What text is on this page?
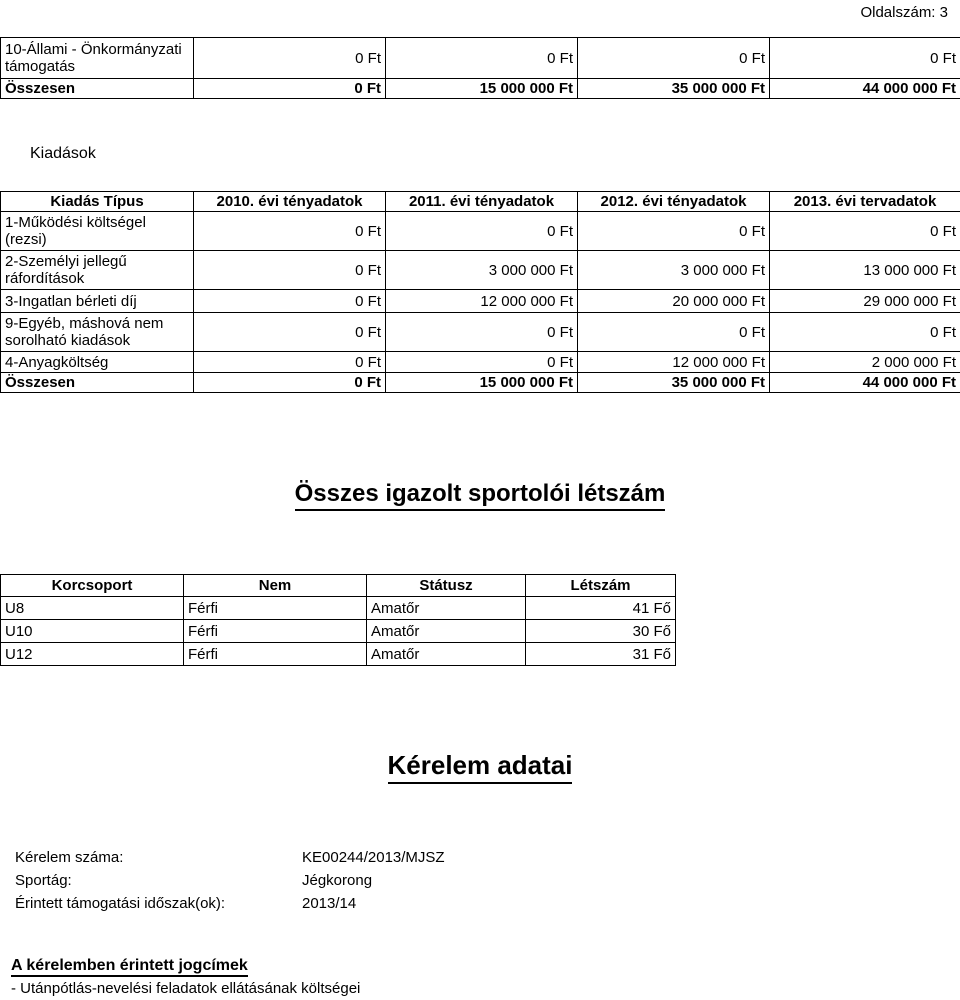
Oldalszám: 3
10-Állami - Önkormányzati támogatás	0 Ft	0 Ft	0 Ft	0 Ft
Összesen	0 Ft	15 000 000 Ft	35 000 000 Ft	44 000 000 Ft
Kiadások
Kiadás Típus	2010. évi tényadatok	2011. évi tényadatok	2012. évi tényadatok	2013. évi tervadatok
1-Működési költségel (rezsi)	0 Ft	0 Ft	0 Ft	0 Ft
2-Személyi jellegű ráfordítások	0 Ft	3 000 000 Ft	3 000 000 Ft	13 000 000 Ft
3-Ingatlan bérleti díj	0 Ft	12 000 000 Ft	20 000 000 Ft	29 000 000 Ft
9-Egyéb, máshová nem sorolható kiadások	0 Ft	0 Ft	0 Ft	0 Ft
4-Anyagköltség	0 Ft	0 Ft	12 000 000 Ft	2 000 000 Ft
Összesen	0 Ft	15 000 000 Ft	35 000 000 Ft	44 000 000 Ft
Összes igazolt sportolói létszám
Korcsoport	Nem	Státusz	Létszám
U8	Férfi	Amatőr	41 Fő
U10	Férfi	Amatőr	30 Fő
U12	Férfi	Amatőr	31 Fő
Kérelem adatai
Kérelem száma:	KE00244/2013/MJSZ
Sportág:	Jégkorong
Érintett támogatási időszak(ok):	2013/14
A kérelemben érintett jogcímek
- Utánpótlás-nevelési feladatok ellátásának költségei
